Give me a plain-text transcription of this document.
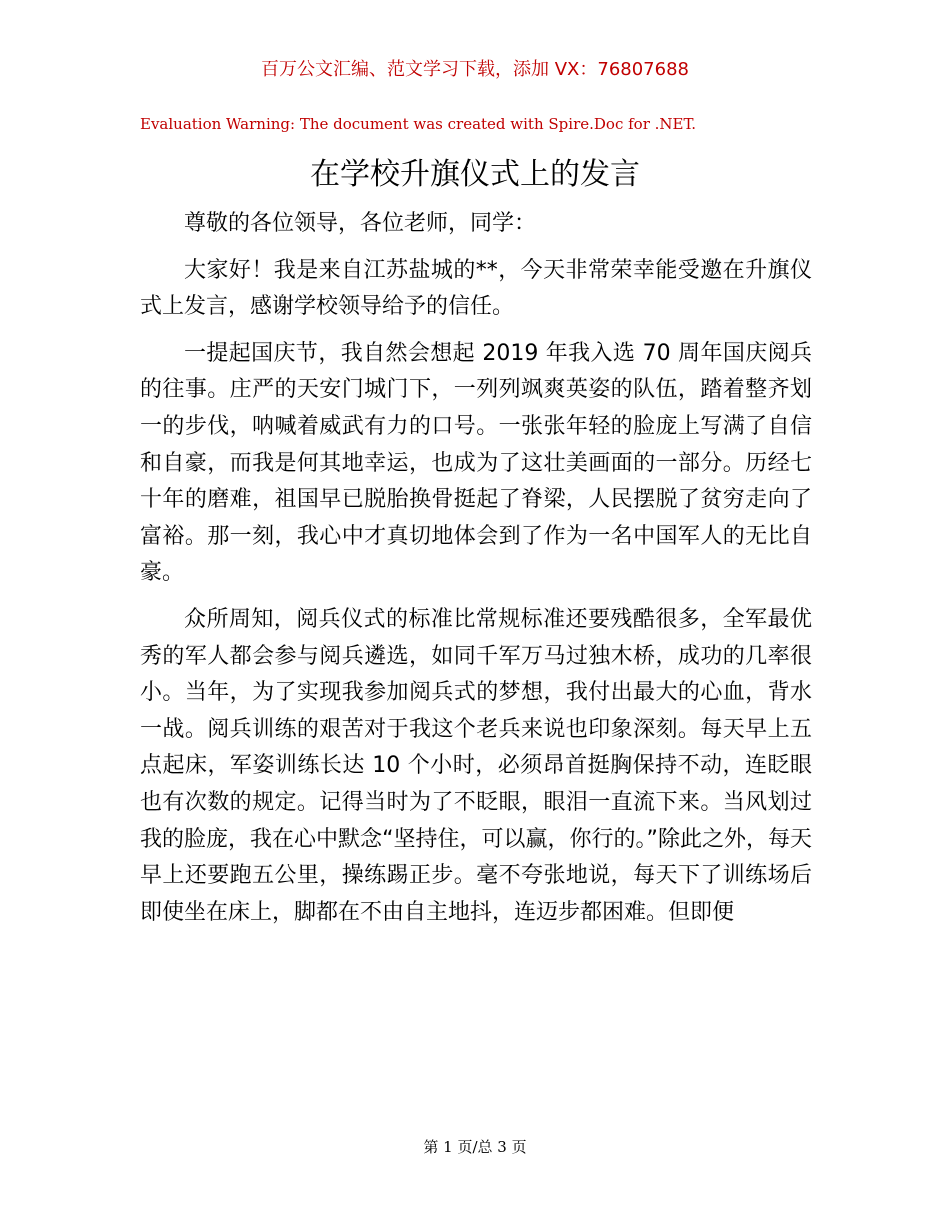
百万公文汇编、范文学习下载，添加 VX：76807688
Evaluation Warning: The document was created with Spire.Doc for .NET.
在学校升旗仪式上的发言

尊敬的各位领导，各位老师，同学：

大家好！我是来自江苏盐城的**，今天非常荣幸能受邀在升旗仪式上发言，感谢学校领导给予的信任。

一提起国庆节，我自然会想起 2019 年我入选 70 周年国庆阅兵的往事。庄严的天安门城门下，一列列飒爽英姿的队伍，踏着整齐划一的步伐，呐喊着威武有力的口号。一张张年轻的脸庞上写满了自信和自豪，而我是何其地幸运，也成为了这壮美画面的一部分。历经七十年的磨难，祖国早已脱胎换骨挺起了脊梁，人民摆脱了贫穷走向了富裕。那一刻，我心中才真切地体会到了作为一名中国军人的无比自豪。

众所周知，阅兵仪式的标准比常规标准还要残酷很多，全军最优秀的军人都会参与阅兵遴选，如同千军万马过独木桥，成功的几率很小。当年，为了实现我参加阅兵式的梦想，我付出最大的心血，背水一战。阅兵训练的艰苦对于我这个老兵来说也印象深刻。每天早上五点起床，军姿训练长达 10 个小时，必须昂首挺胸保持不动，连眨眼也有次数的规定。记得当时为了不眨眼，眼泪一直流下来。当风划过我的脸庞，我在心中默念“坚持住，可以赢，你行的。”除此之外，每天早上还要跑五公里，操练踢正步。毫不夸张地说，每天下了训练场后即使坐在床上，脚都在不由自主地抖，连迈步都困难。但即便

第 1 页/总 3 页
